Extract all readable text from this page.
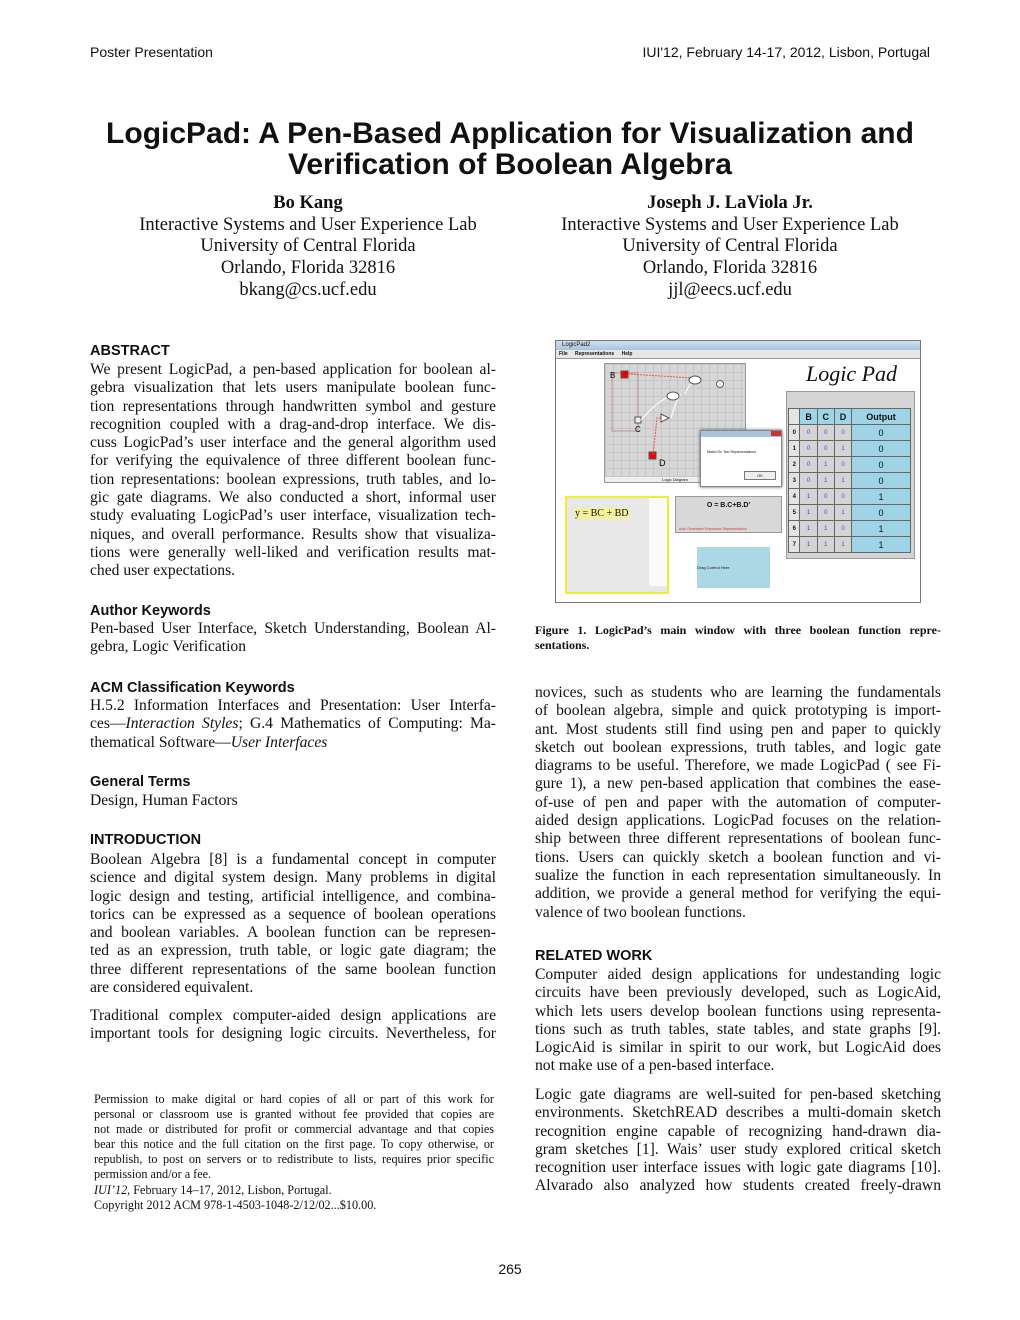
Poster Presentation	IUI'12, February 14-17, 2012, Lisbon, Portugal
LogicPad: A Pen-Based Application for Visualization and
Verification of Boolean Algebra
Bo Kang
Interactive Systems and User Experience Lab
University of Central Florida
Orlando, Florida 32816
bkang@cs.ucf.edu
Joseph J. LaViola Jr.
Interactive Systems and User Experience Lab
University of Central Florida
Orlando, Florida 32816
jjl@eecs.ucf.edu
ABSTRACT
We present LogicPad, a pen-based application for boolean al-
gebra visualization that lets users manipulate boolean func-
tion representations through handwritten symbol and gesture
recognition coupled with a drag-and-drop interface. We dis-
cuss LogicPad’s user interface and the general algorithm used
for verifying the equivalence of three different boolean func-
tion representations: boolean expressions, truth tables, and lo-
gic gate diagrams. We also conducted a short, informal user
study evaluating LogicPad’s user interface, visualization tech-
niques, and overall performance. Results show that visualiza-
tions were generally well-liked and verification results mat-
ched user expectations.
Author Keywords
Pen-based User Interface, Sketch Understanding, Boolean Al-
gebra, Logic Verification
ACM Classification Keywords
H.5.2 Information Interfaces and Presentation: User Interfa-
ces—Interaction Styles; G.4 Mathematics of Computing: Ma-
thematical Software—User Interfaces
General Terms
Design, Human Factors
INTRODUCTION
Boolean Algebra [8] is a fundamental concept in computer
science and digital system design. Many problems in digital
logic design and testing, artificial intelligence, and combina-
torics can be expressed as a sequence of boolean operations
and boolean variables. A boolean function can be represen-
ted as an expression, truth table, or logic gate diagram; the
three different representations of the same boolean function
are considered equivalent.
Traditional complex computer-aided design applications are
important tools for designing logic circuits. Nevertheless, for
Permission to make digital or hard copies of all or part of this work for
personal or classroom use is granted without fee provided that copies are
not made or distributed for profit or commercial advantage and that copies
bear this notice and the full citation on the first page. To copy otherwise, or
republish, to post on servers or to redistribute to lists, requires prior specific
permission and/or a fee.
IUI’12, February 14–17, 2012, Lisbon, Portugal.
Copyright 2012 ACM 978-1-4503-1048-2/12/02...$10.00.
LogicPad2
File Representations Help
B
C
D
Logic Diagram
Logic Pad
	B	C	D	Output
0	0	0	0	0
1	0	0	1	0
2	0	1	0	0
3	0	1	1	0
4	1	0	0	1
5	1	0	1	0
6	1	1	0	1
7	1	1	1	1
Match On Two Representations
OK
y = BC + BD
O = B.C+B.D'
Auto Generated Expression Representation
Drag Control Here
Figure 1. LogicPad’s main window with three boolean function repre-
sentations.
novices, such as students who are learning the fundamentals
of boolean algebra, simple and quick prototyping is import-
ant. Most students still find using pen and paper to quickly
sketch out boolean expressions, truth tables, and logic gate
diagrams to be useful. Therefore, we made LogicPad ( see Fi-
gure 1), a new pen-based application that combines the ease-
of-use of pen and paper with the automation of computer-
aided design applications. LogicPad focuses on the relation-
ship between three different representations of boolean func-
tions. Users can quickly sketch a boolean function and vi-
sualize the function in each representation simultaneously. In
addition, we provide a general method for verifying the equi-
valence of two boolean functions.
RELATED WORK
Computer aided design applications for undestanding logic
circuits have been previously developed, such as LogicAid,
which lets users develop boolean functions using representa-
tions such as truth tables, state tables, and state graphs [9].
LogicAid is similar in spirit to our work, but LogicAid does
not make use of a pen-based interface.
Logic gate diagrams are well-suited for pen-based sketching
environments. SketchREAD describes a multi-domain sketch
recognition engine capable of recognizing hand-drawn dia-
gram sketches [1]. Wais’ user study explored critical sketch
recognition user interface issues with logic gate diagrams [10].
Alvarado also analyzed how students created freely-drawn
265
